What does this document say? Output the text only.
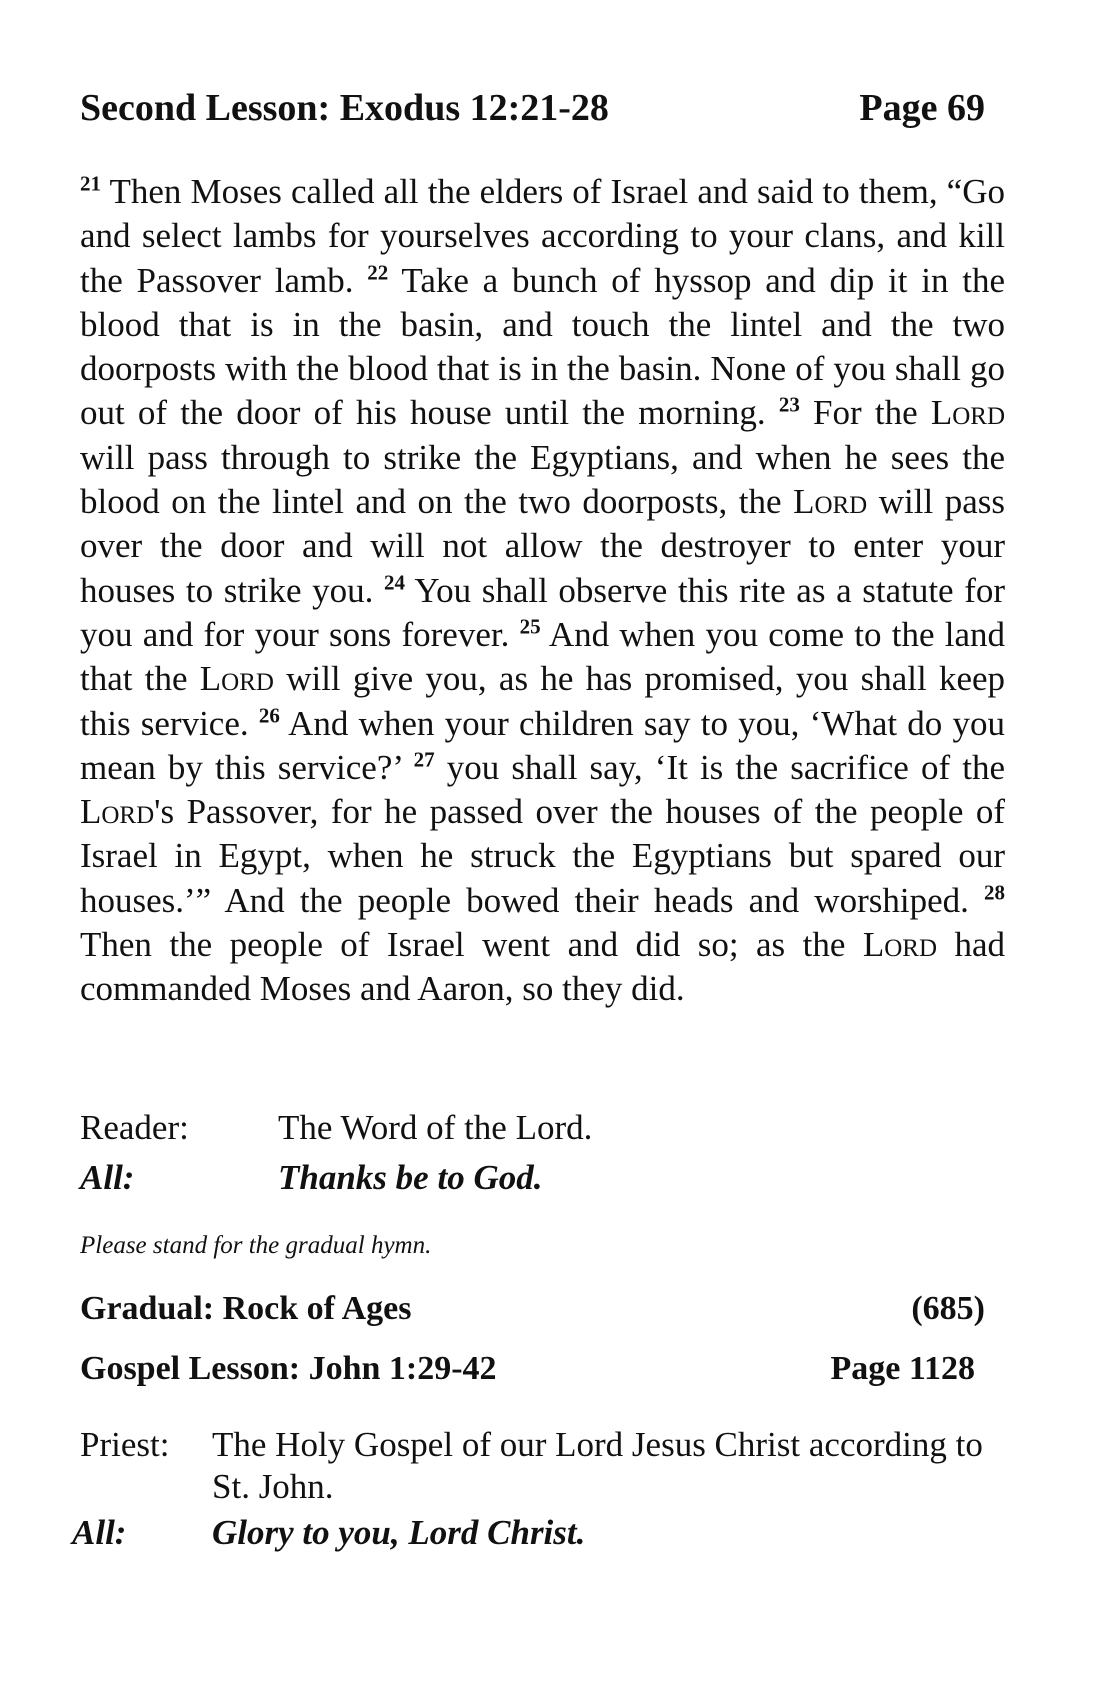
Second Lesson: Exodus 12:21-28	Page 69
$^{21}$ Then Moses called all the elders of Israel and said to them, “Go and select lambs for yourselves according to your clans, and kill the Passover lamb. $^{22}$ Take a bunch of hyssop and dip it in the blood that is in the basin, and touch the lintel and the two doorposts with the blood that is in the basin. None of you shall go out of the door of his house until the morning. $^{23}$ For the Lord will pass through to strike the Egyptians, and when he sees the blood on the lintel and on the two doorposts, the Lord will pass over the door and will not allow the destroyer to enter your houses to strike you. $^{24}$ You shall observe this rite as a statute for you and for your sons forever. $^{25}$ And when you come to the land that the Lord will give you, as he has promised, you shall keep this service. $^{26}$ And when your children say to you, ‘What do you mean by this service?’ $^{27}$ you shall say, ‘It is the sacrifice of the Lord's Passover, for he passed over the houses of the people of Israel in Egypt, when he struck the Egyptians but spared our houses.’” And the people bowed their heads and worshiped. $^{28}$ Then the people of Israel went and did so; as the Lord had commanded Moses and Aaron, so they did.
Reader:	The Word of the Lord.
All:	Thanks be to God.
Please stand for the gradual hymn.
Gradual: Rock of Ages	(685)
Gospel Lesson: John 1:29-42	Page 1128
Priest:	The Holy Gospel of our Lord Jesus Christ according to St. John.
All:	Glory to you, Lord Christ.
